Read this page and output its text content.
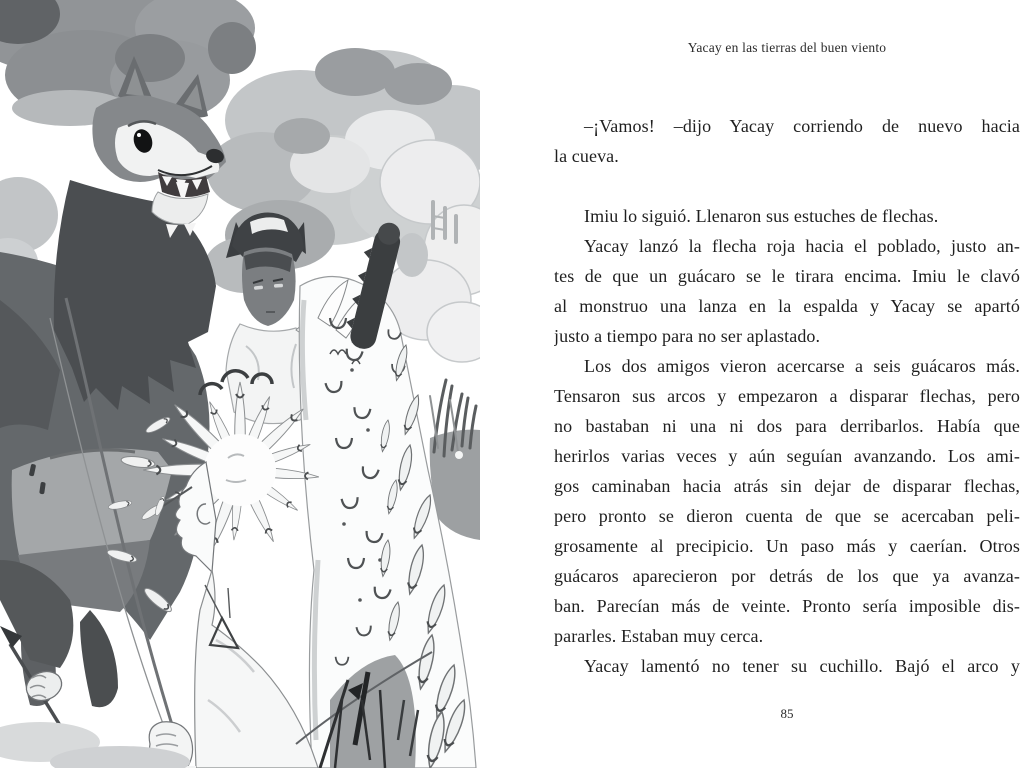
Yacay en las tierras del buen viento
–¡Vamos! –dijo Yacay corriendo de nuevo hacia
la cueva.
Imiu lo siguió. Llenaron sus estuches de flechas.
Yacay lanzó la flecha roja hacia el poblado, justo an-
tes de que un guácaro se le tirara encima. Imiu le clavó
al monstruo una lanza en la espalda y Yacay se apartó
justo a tiempo para no ser aplastado.
Los dos amigos vieron acercarse a seis guácaros más.
Tensaron sus arcos y empezaron a disparar flechas, pero
no bastaban ni una ni dos para derribarlos. Había que
herirlos varias veces y aún seguían avanzando. Los ami-
gos caminaban hacia atrás sin dejar de disparar flechas,
pero pronto se dieron cuenta de que se acercaban peli-
grosamente al precipicio. Un paso más y caerían. Otros
guácaros aparecieron por detrás de los que ya avanza-
ban. Parecían más de veinte. Pronto sería imposible dis-
pararles. Estaban muy cerca.
Yacay lamentó no tener su cuchillo. Bajó el arco y
85
